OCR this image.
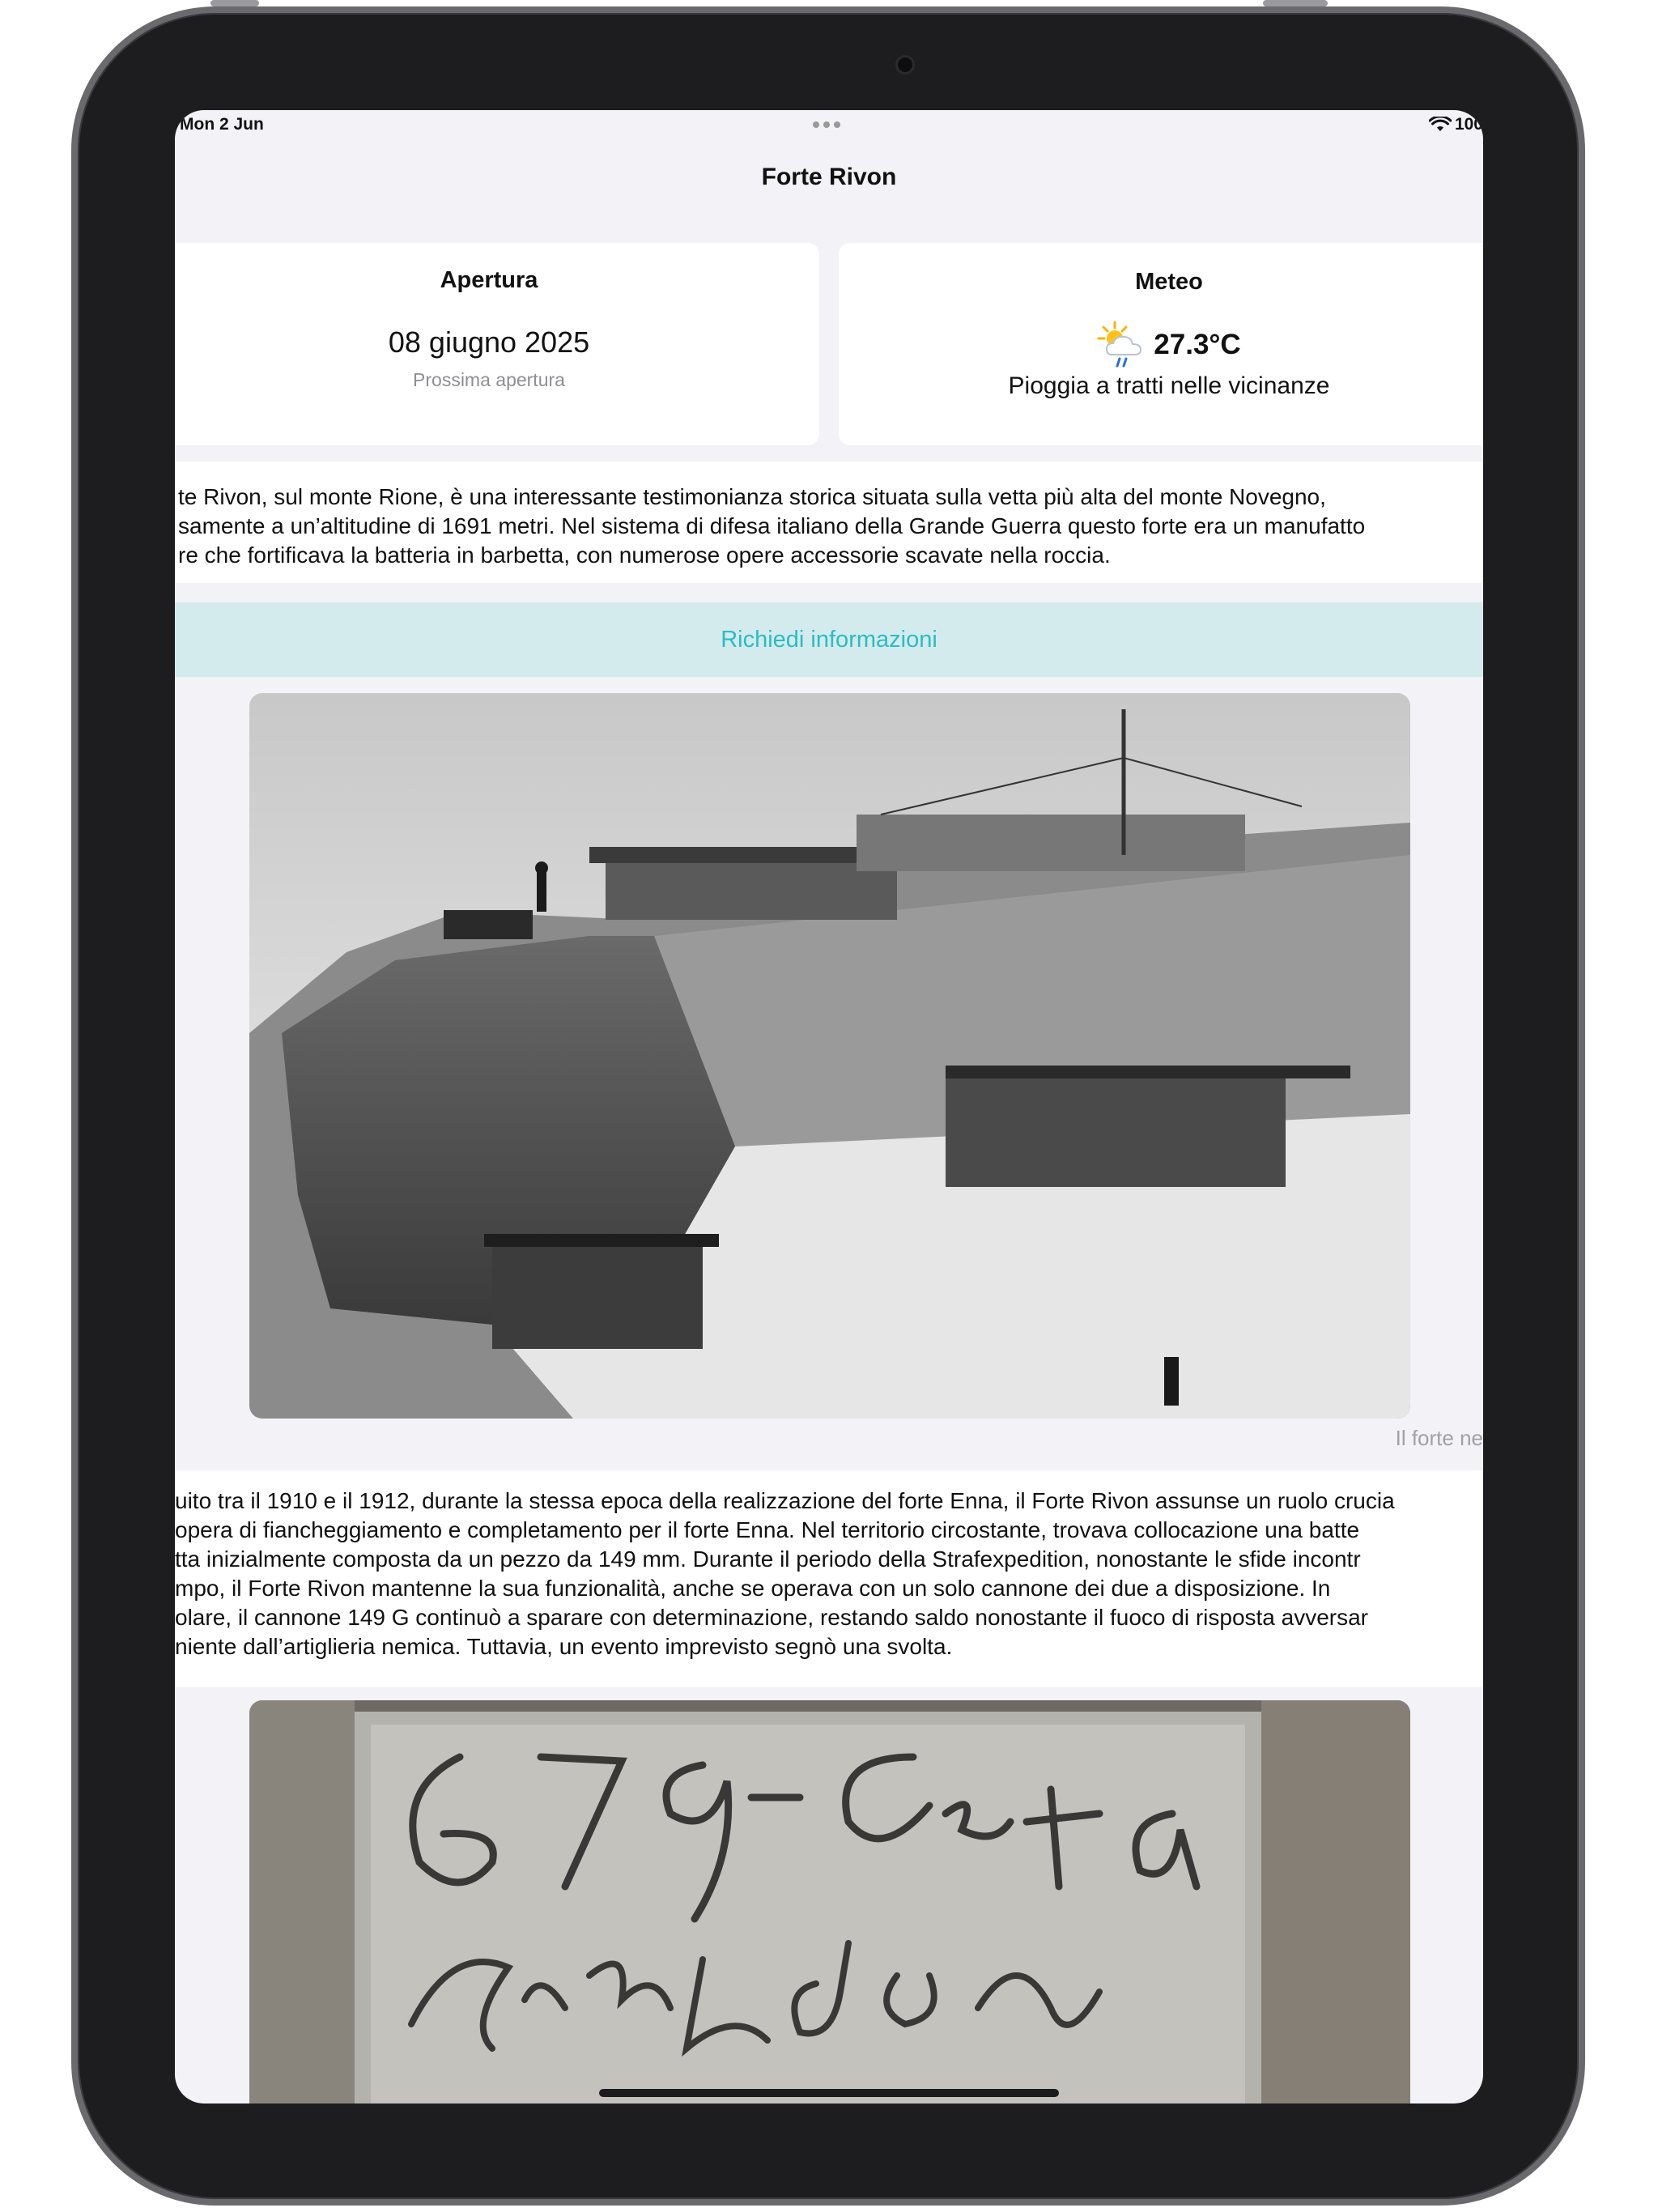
Mon 2 Jun	100
Forte Rivon
Apertura
08 giugno 2025
Prossima apertura
Meteo
27.3°C
Pioggia a tratti nelle vicinanze
te Rivon, sul monte Rione, è una interessante testimonianza storica situata sulla vetta più alta del monte Novegno,
samente a un’altitudine di 1691 metri. Nel sistema di difesa italiano della Grande Guerra questo forte era un manufatto
re che fortificava la batteria in barbetta, con numerose opere accessorie scavate nella roccia.
Richiedi informazioni
Il forte ne
uito tra il 1910 e il 1912, durante la stessa epoca della realizzazione del forte Enna, il Forte Rivon assunse un ruolo crucia
opera di fiancheggiamento e completamento per il forte Enna. Nel territorio circostante, trovava collocazione una batte
tta inizialmente composta da un pezzo da 149 mm. Durante il periodo della Strafexpedition, nonostante le sfide incontr
mpo, il Forte Rivon mantenne la sua funzionalità, anche se operava con un solo cannone dei due a disposizione. In
olare, il cannone 149 G continuò a sparare con determinazione, restando saldo nonostante il fuoco di risposta avversar
niente dall’artiglieria nemica. Tuttavia, un evento imprevisto segnò una svolta.
